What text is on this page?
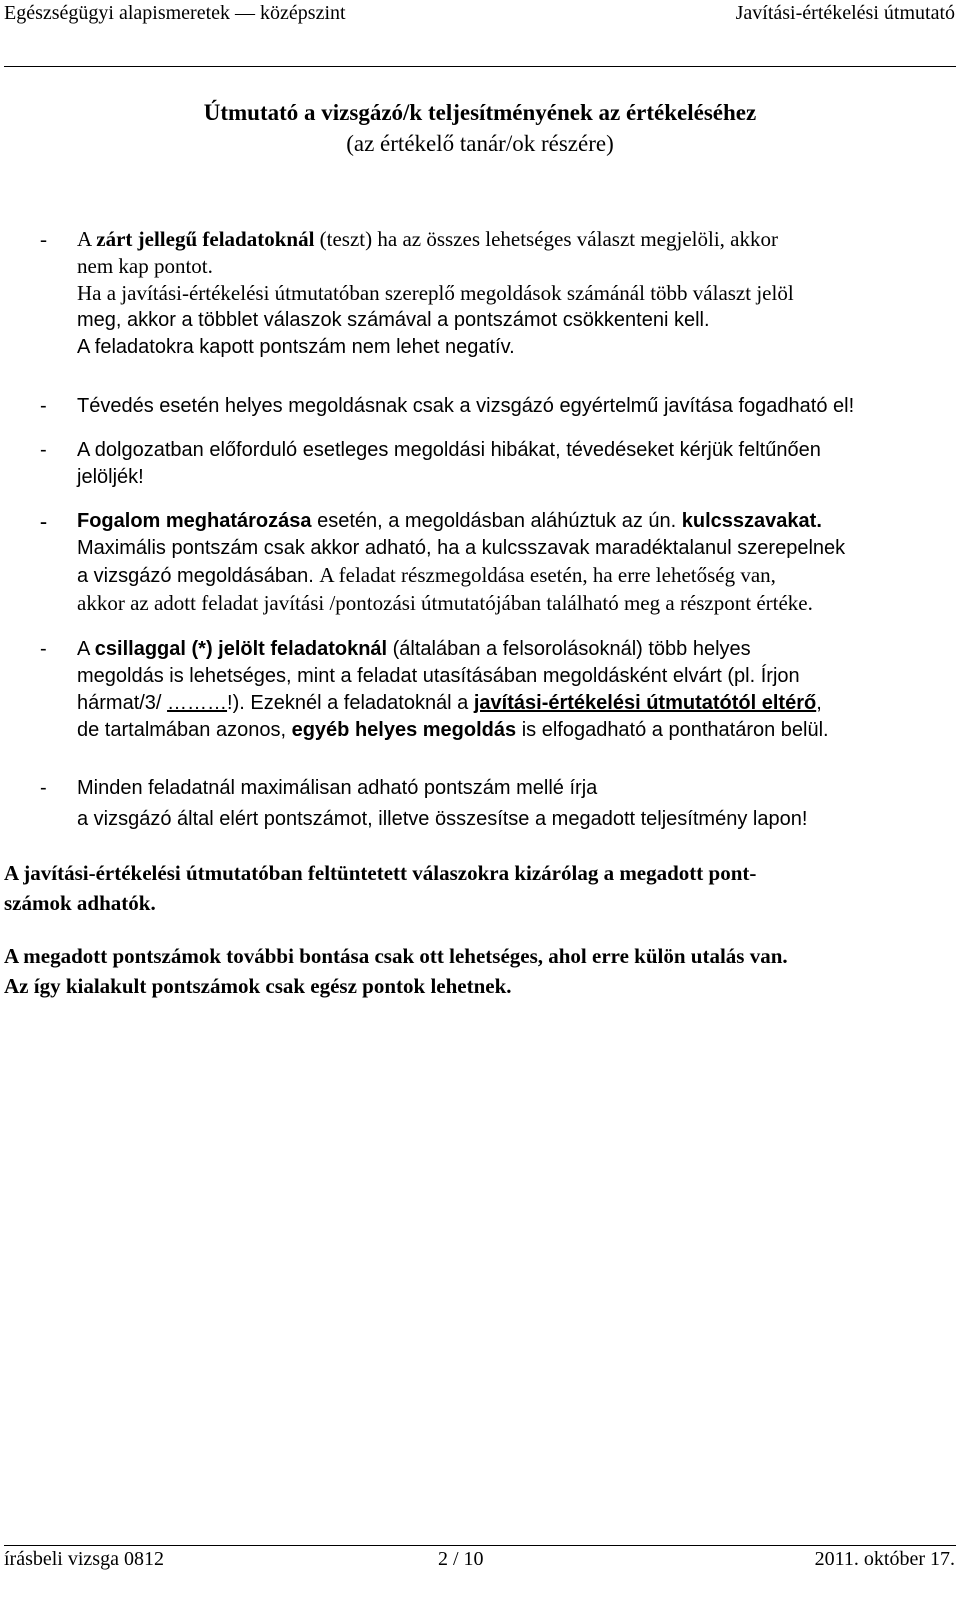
Egészségügyi alapismeretek — középszint	Javítási-értékelési útmutató
Útmutató a vizsgázó/k teljesítményének az értékeléséhez
(az értékelő tanár/ok részére)
- A zárt jellegű feladatoknál (teszt) ha az összes lehetséges választ megjelöli, akkor
nem kap pontot.
Ha a javítási-értékelési útmutatóban szereplő megoldások számánál több választ jelöl
meg, akkor a többlet válaszok számával a pontszámot csökkenteni kell.
A feladatokra kapott pontszám nem lehet negatív.
- Tévedés esetén helyes megoldásnak csak a vizsgázó egyértelmű javítása fogadható el!
- A dolgozatban előforduló esetleges megoldási hibákat, tévedéseket kérjük feltűnően
jelöljék!
- Fogalom meghatározása esetén, a megoldásban aláhúztuk az ún. kulcsszavakat.
Maximális pontszám csak akkor adható, ha a kulcsszavak maradéktalanul szerepelnek
a vizsgázó megoldásában. A feladat részmegoldása esetén, ha erre lehetőség van,
akkor az adott feladat javítási /pontozási útmutatójában található meg a részpont értéke.
- A csillaggal (*) jelölt feladatoknál (általában a felsorolásoknál) több helyes
megoldás is lehetséges, mint a feladat utasításában megoldásként elvárt (pl. Írjon
hármat/3/ ………!). Ezeknél a feladatoknál a javítási-értékelési útmutatótól eltérő,
de tartalmában azonos, egyéb helyes megoldás is elfogadható a ponthatáron belül.
- Minden feladatnál maximálisan adható pontszám mellé írja
a vizsgázó által elért pontszámot, illetve összesítse a megadott teljesítmény lapon!
A javítási-értékelési útmutatóban feltüntetett válaszokra kizárólag a megadott pont-
számok adhatók.
A megadott pontszámok további bontása csak ott lehetséges, ahol erre külön utalás van.
Az így kialakult pontszámok csak egész pontok lehetnek.
írásbeli vizsga 0812	2 / 10	2011. október 17.
